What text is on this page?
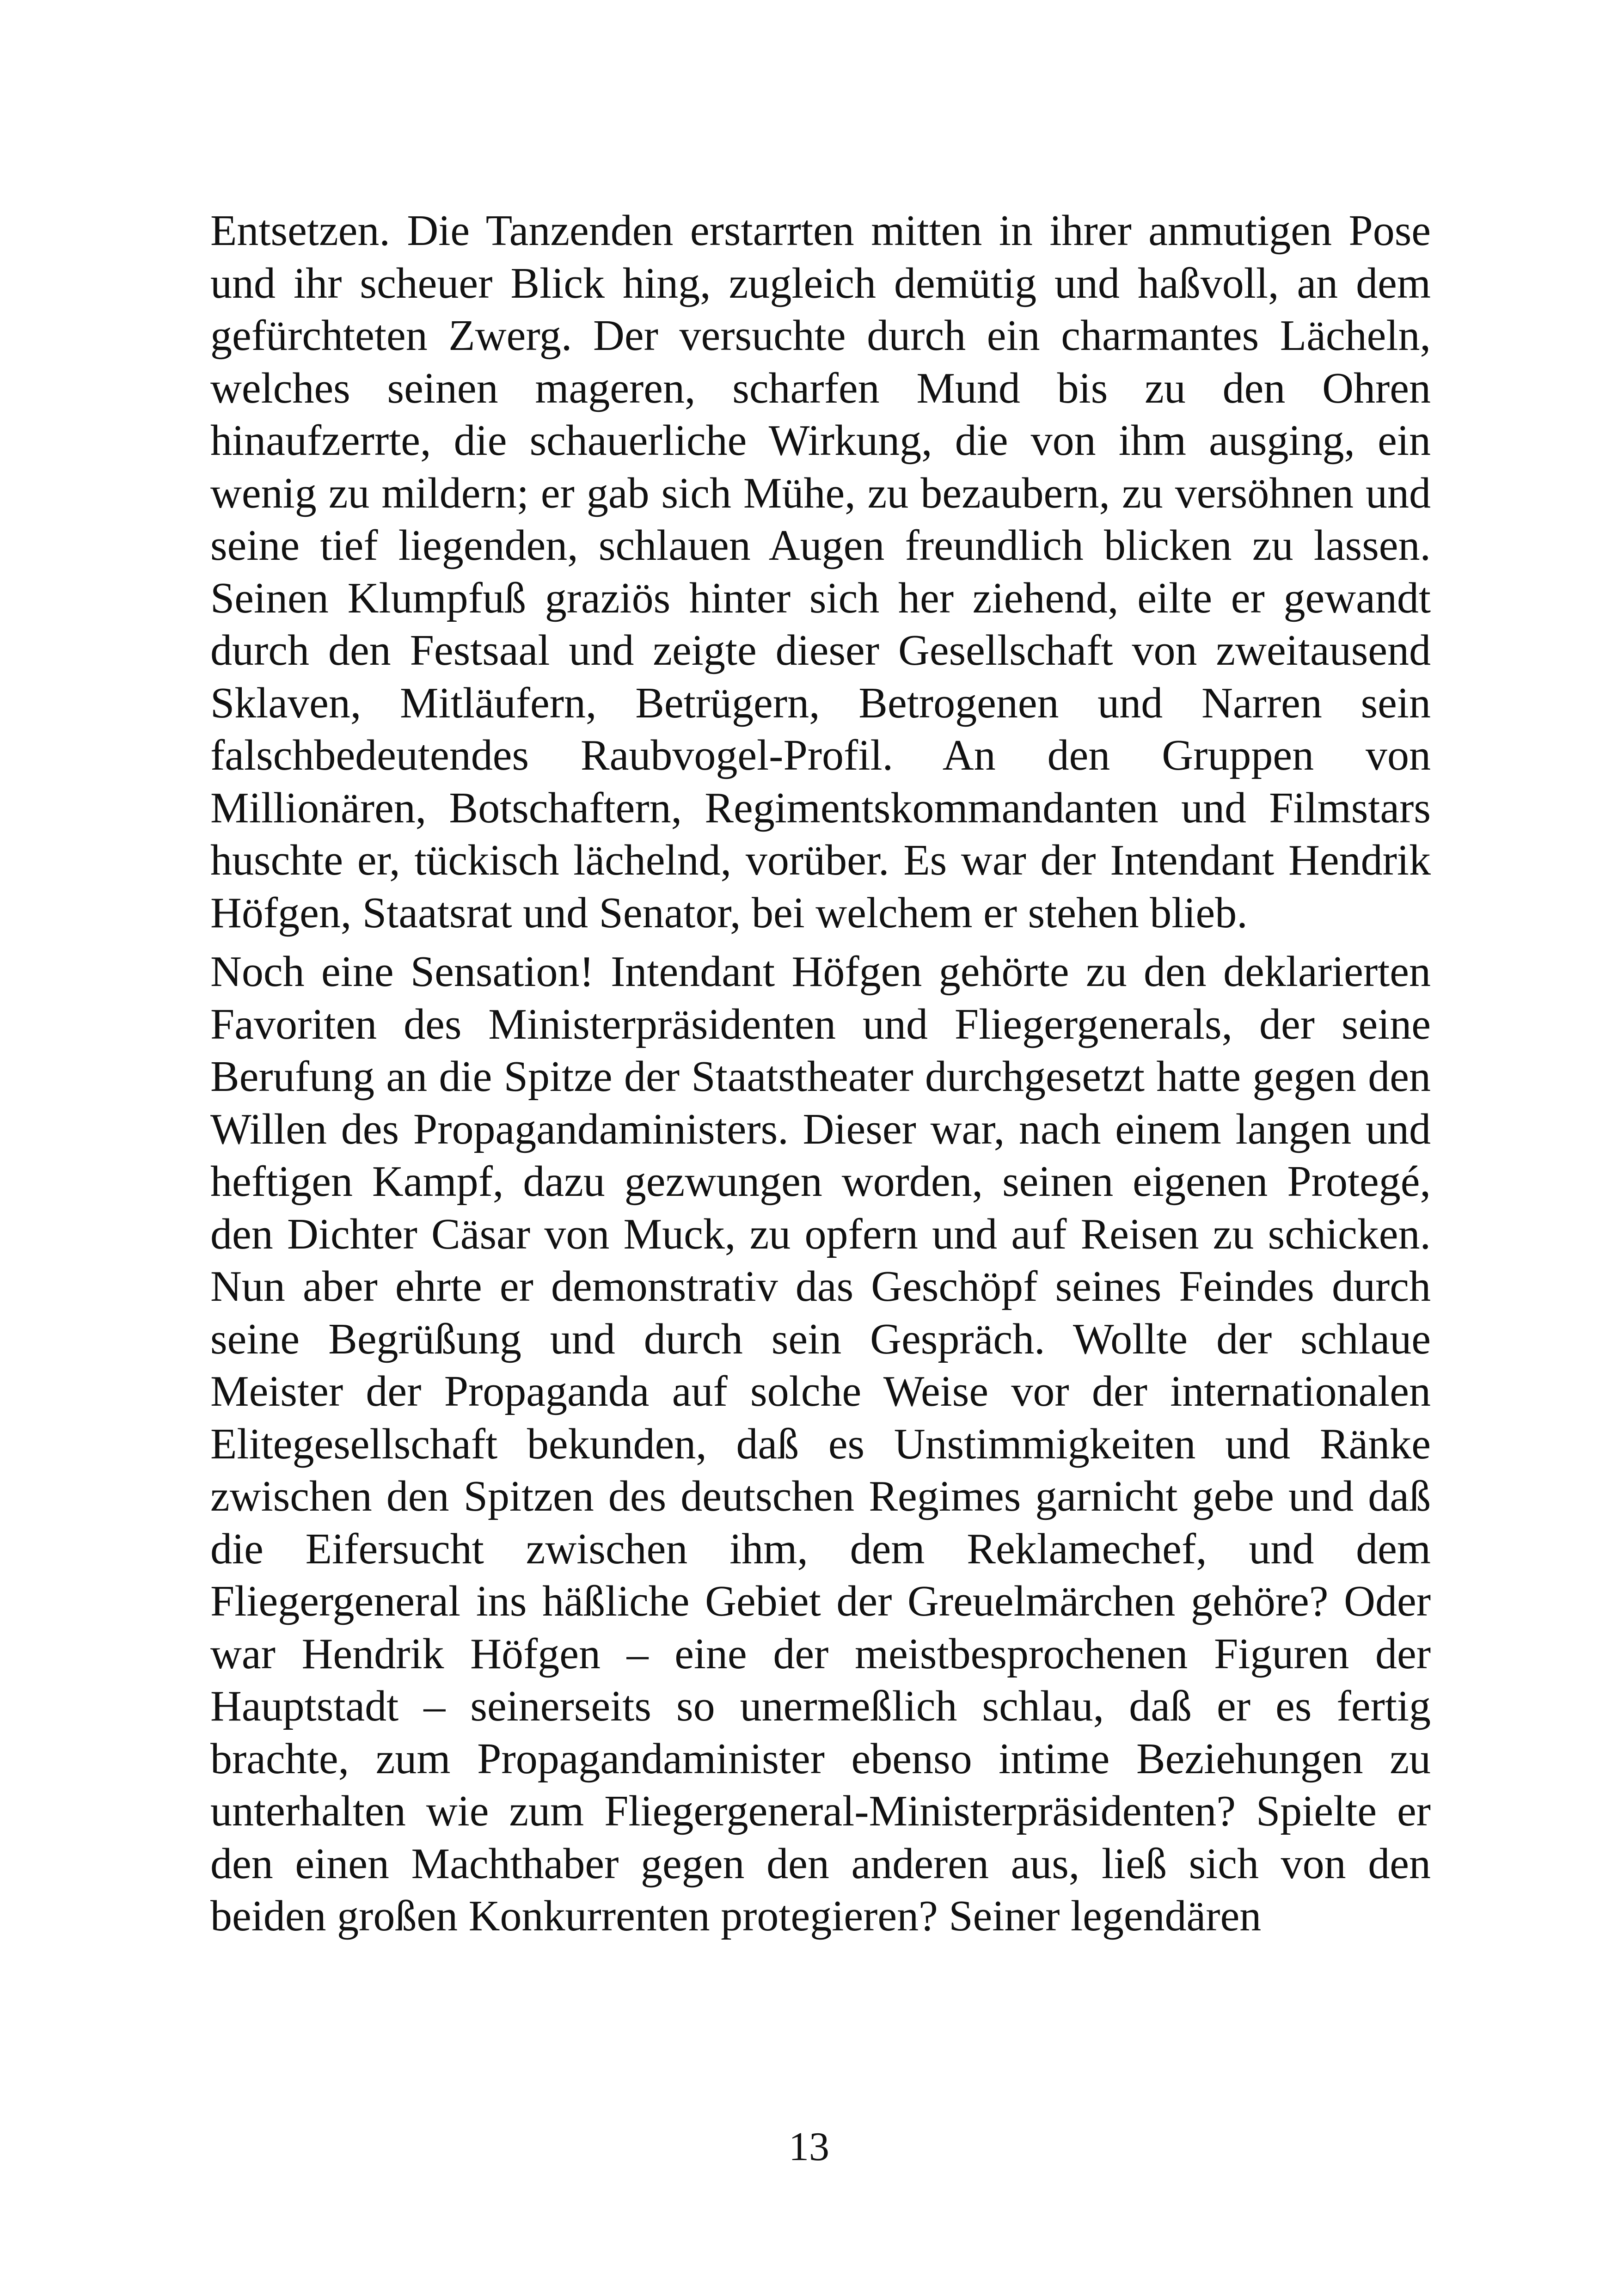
Entsetzen. Die Tanzenden erstarrten mitten in ihrer anmutigen Pose und ihr scheuer Blick hing, zugleich demütig und haßvoll, an dem gefürchteten Zwerg. Der versuchte durch ein charmantes Lächeln, welches seinen mageren, scharfen Mund bis zu den Ohren hinaufzerrte, die schauerliche Wirkung, die von ihm ausging, ein wenig zu mildern; er gab sich Mühe, zu bezaubern, zu versöhnen und seine tief liegenden, schlauen Augen freundlich blicken zu lassen. Seinen Klumpfuß graziös hinter sich her ziehend, eilte er gewandt durch den Festsaal und zeigte dieser Gesellschaft von zweitausend Sklaven, Mitläufern, Betrügern, Betrogenen und Narren sein falschbedeutendes Raubvogel-Profil. An den Gruppen von Millionären, Botschaftern, Regimentskommandanten und Filmstars huschte er, tückisch lächelnd, vorüber. Es war der Intendant Hendrik Höfgen, Staatsrat und Senator, bei welchem er stehen blieb.

Noch eine Sensation! Intendant Höfgen gehörte zu den deklarierten Favoriten des Ministerpräsidenten und Fliegergenerals, der seine Berufung an die Spitze der Staatstheater durchgesetzt hatte gegen den Willen des Propagandaministers. Dieser war, nach einem langen und heftigen Kampf, dazu gezwungen worden, seinen eigenen Protegé, den Dichter Cäsar von Muck, zu opfern und auf Reisen zu schicken. Nun aber ehrte er demonstrativ das Geschöpf seines Feindes durch seine Begrüßung und durch sein Gespräch. Wollte der schlaue Meister der Propaganda auf solche Weise vor der internationalen Elitegesellschaft bekunden, daß es Unstimmigkeiten und Ränke zwischen den Spitzen des deutschen Regimes garnicht gebe und daß die Eifersucht zwischen ihm, dem Reklamechef, und dem Fliegergeneral ins häßliche Gebiet der Greuelmärchen gehöre? Oder war Hendrik Höfgen – eine der meistbesprochenen Figuren der Hauptstadt – seinerseits so unermeßlich schlau, daß er es fertig brachte, zum Propagandaminister ebenso intime Beziehungen zu unterhalten wie zum Fliegergeneral-Ministerpräsidenten? Spielte er den einen Machthaber gegen den anderen aus, ließ sich von den beiden großen Konkurrenten protegieren? Seiner legendären

13
